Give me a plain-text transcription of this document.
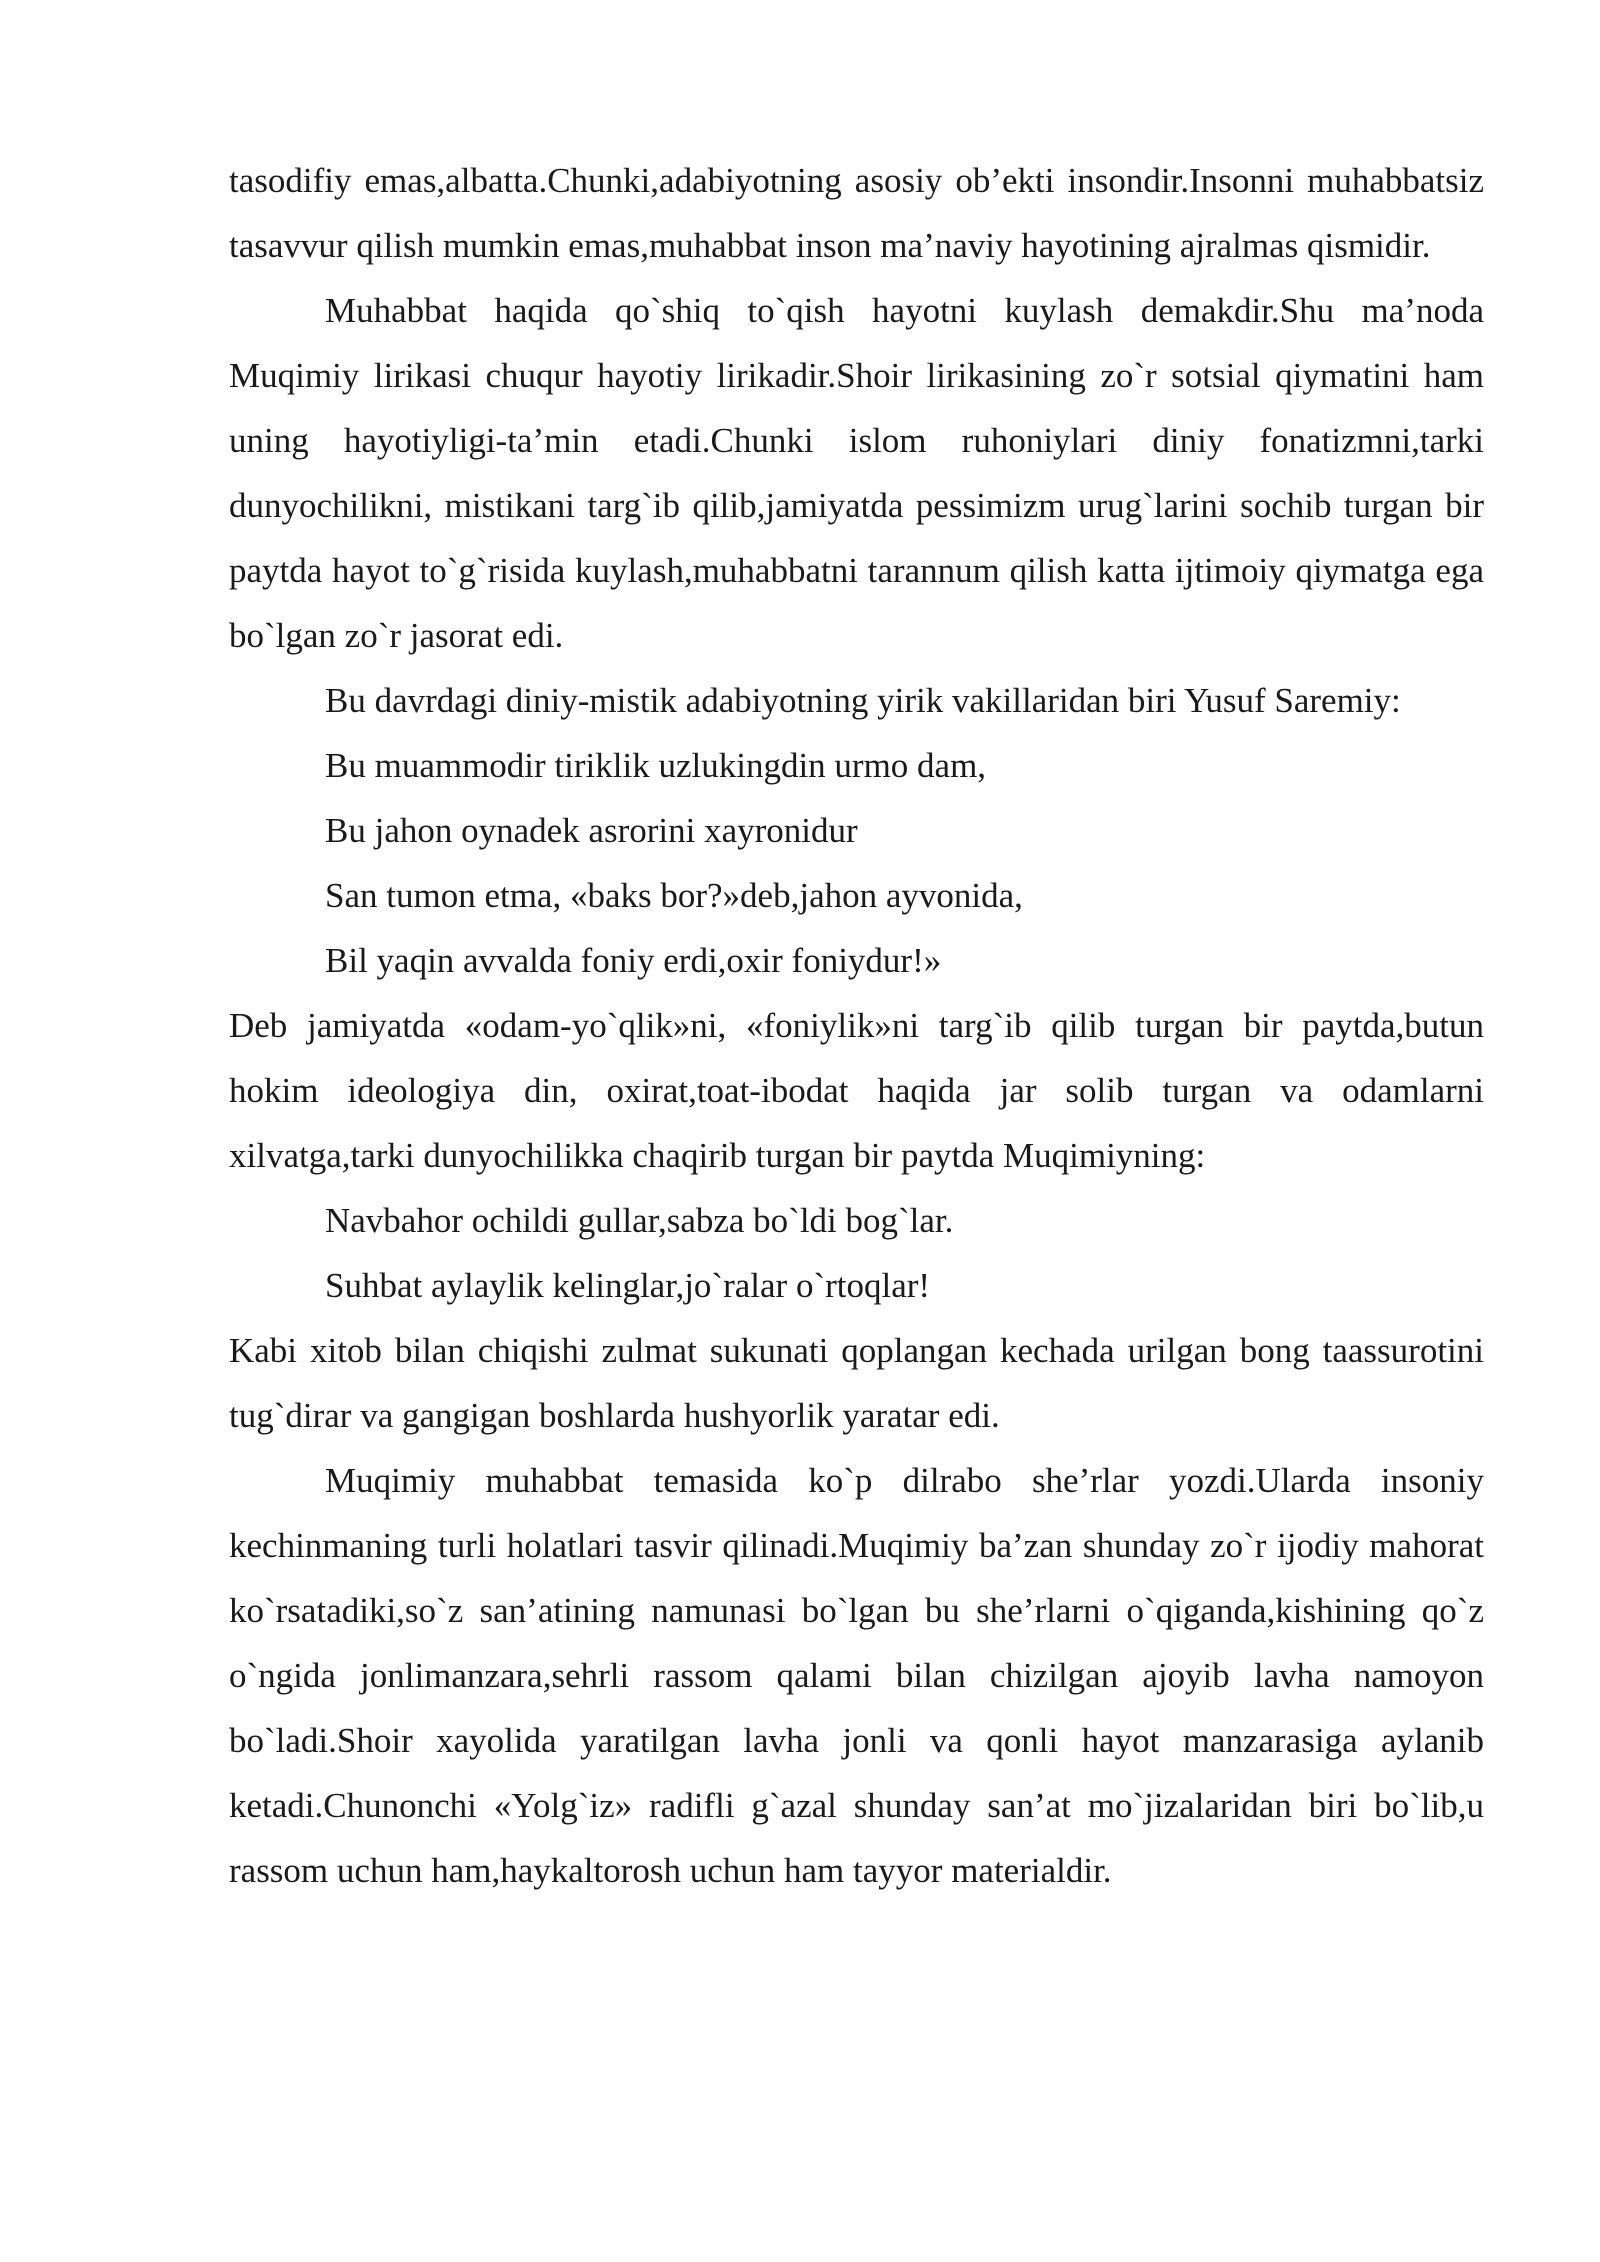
tasodifiy emas,albatta.Chunki,adabiyotning asosiy ob’ekti insondir.Insonni muhabbatsiz tasavvur qilish mumkin emas,muhabbat inson ma’naviy hayotining ajralmas qismidir.

Muhabbat haqida qo`shiq to`qish hayotni kuylash demakdir.Shu ma’noda Muqimiy lirikasi chuqur hayotiy lirikadir.Shoir lirikasining zo`r sotsial qiymatini ham uning hayotiyligi-ta’min etadi.Chunki islom ruhoniylari diniy fonatizmni,tarki dunyochilikni, mistikani targ`ib qilib,jamiyatda pessimizm urug`larini sochib turgan bir paytda hayot to`g`risida kuylash,muhabbatni tarannum qilish katta ijtimoiy qiymatga ega bo`lgan zo`r jasorat edi.

Bu davrdagi diniy-mistik adabiyotning yirik vakillaridan biri Yusuf Saremiy:

Bu muammodir tiriklik uzlukingdin urmo dam,

Bu jahon oynadek asrorini xayronidur

San tumon etma, «baks bor?»deb,jahon ayvonida,

Bil yaqin avvalda foniy erdi,oxir foniydur!»

Deb jamiyatda «odam-yo`qlik»ni, «foniylik»ni targ`ib qilib turgan bir paytda,butun hokim ideologiya din, oxirat,toat-ibodat haqida jar solib turgan va odamlarni xilvatga,tarki dunyochilikka chaqirib turgan bir paytda Muqimiyning:

Navbahor ochildi gullar,sabza bo`ldi bog`lar.

Suhbat aylaylik kelinglar,jo`ralar o`rtoqlar!

Kabi xitob bilan chiqishi zulmat sukunati qoplangan kechada urilgan bong taassurotini tug`dirar va gangigan boshlarda hushyorlik yaratar edi.

Muqimiy muhabbat temasida ko`p dilrabo she’rlar yozdi.Ularda insoniy kechinmaning turli holatlari tasvir qilinadi.Muqimiy ba’zan shunday zo`r ijodiy mahorat ko`rsatadiki,so`z san’atining namunasi bo`lgan bu she’rlarni o`qiganda,kishining qo`z o`ngida jonlimanzara,sehrli rassom qalami bilan chizilgan ajoyib lavha namoyon bo`ladi.Shoir xayolida yaratilgan lavha jonli va qonli hayot manzarasiga aylanib ketadi.Chunonchi «Yolg`iz» radifli g`azal shunday san’at mo`jizalaridan biri bo`lib,u rassom uchun ham,haykaltorosh uchun ham tayyor materialdir.
